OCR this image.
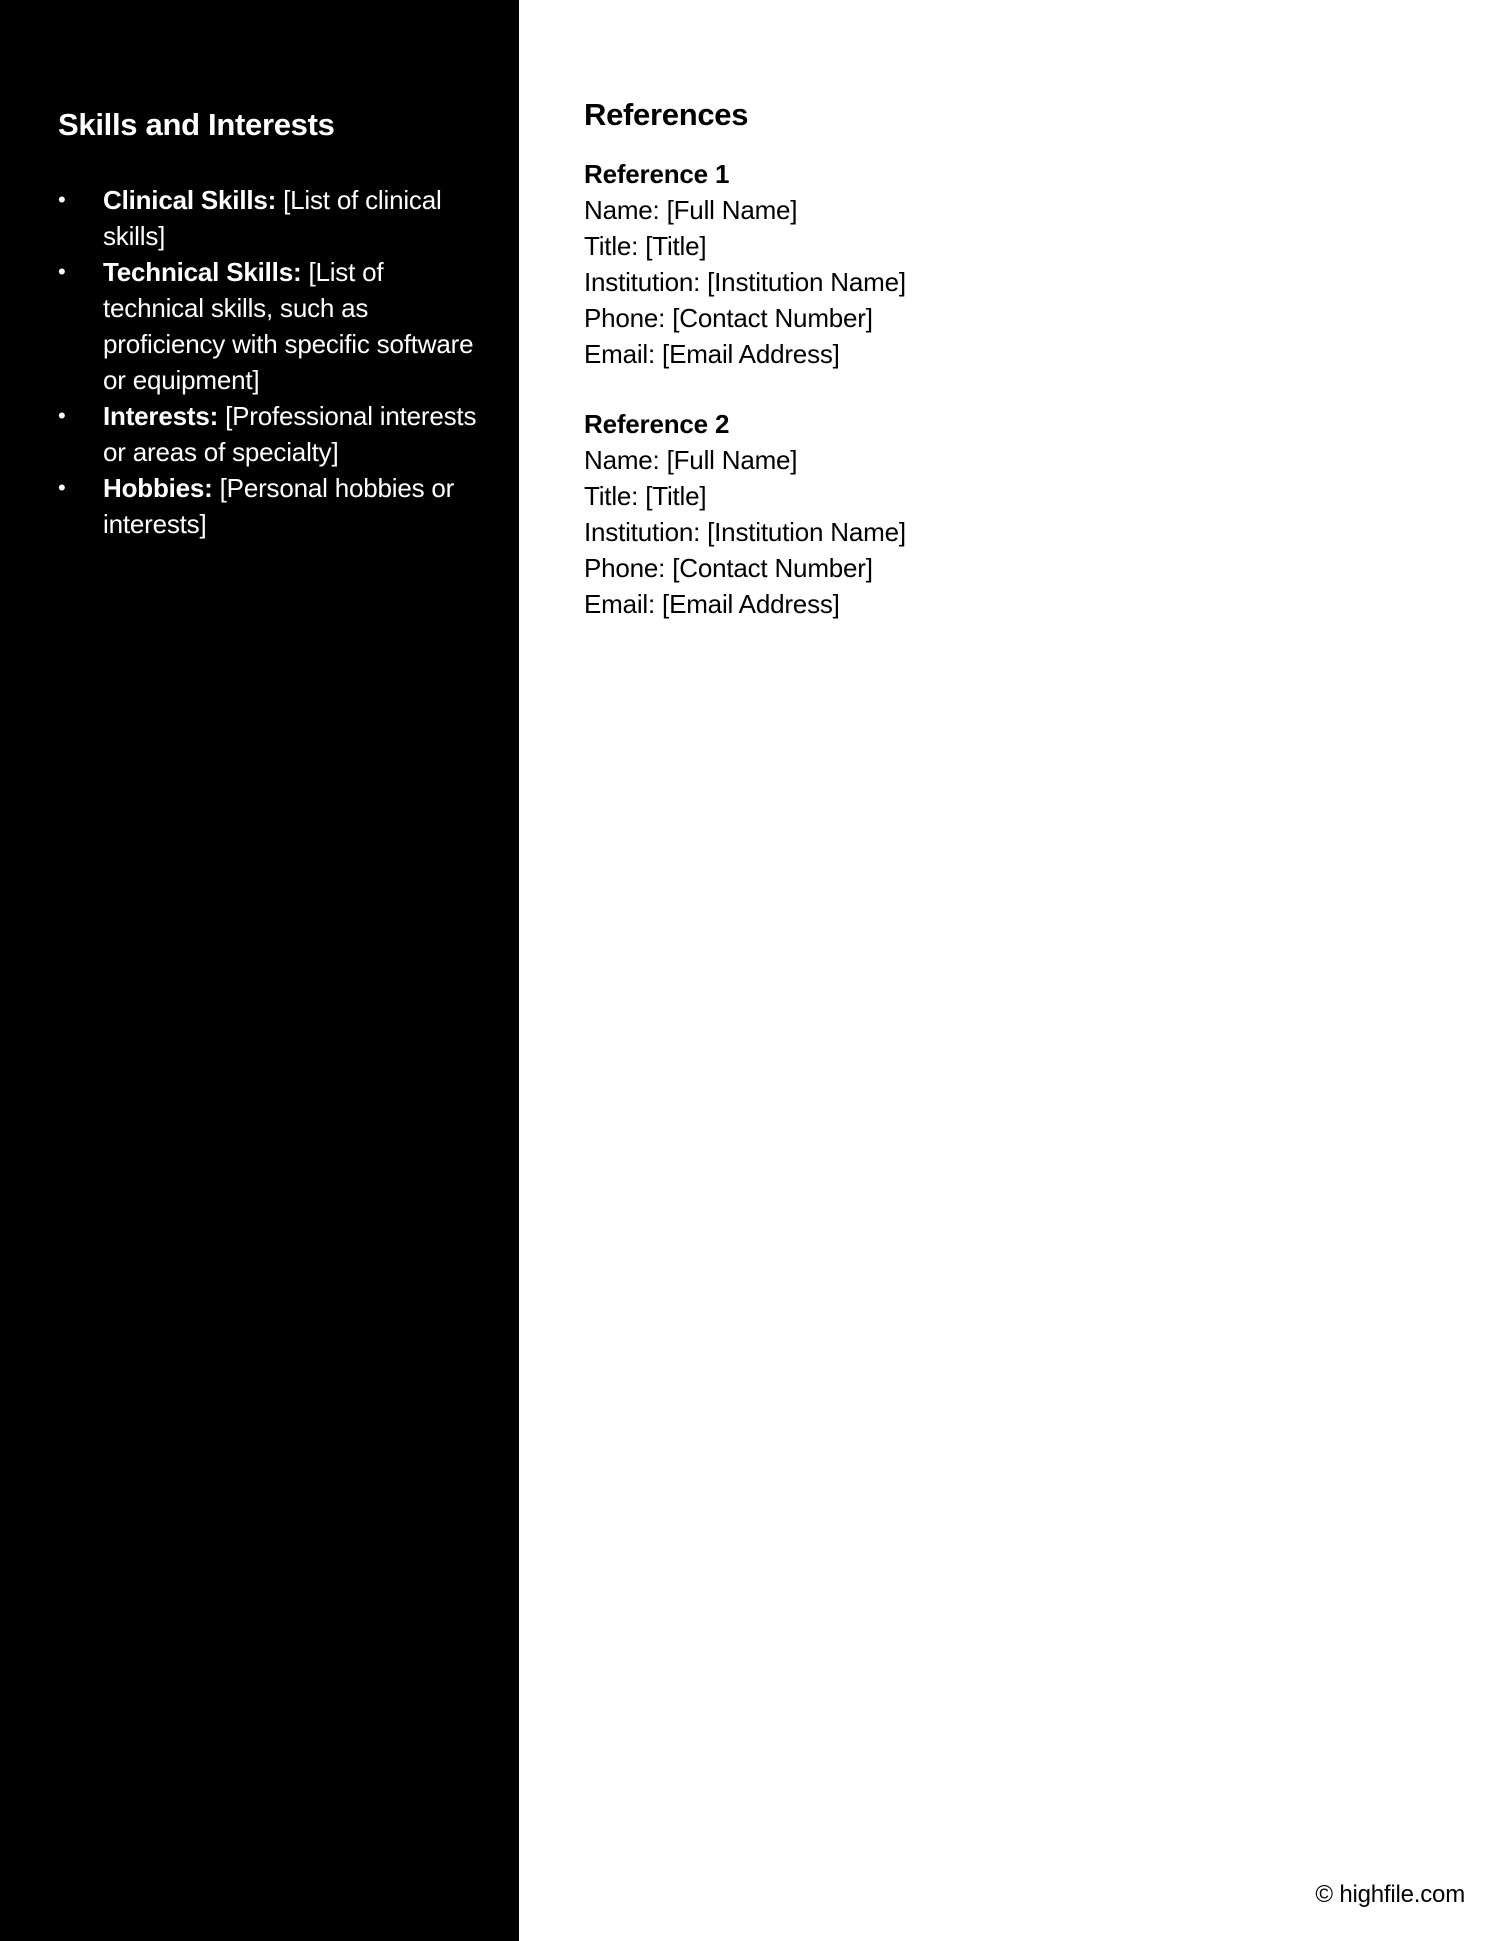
Skills and Interests
• Clinical Skills: [List of clinical skills]
• Technical Skills: [List of technical skills, such as proficiency with specific software or equipment]
• Interests: [Professional interests or areas of specialty]
• Hobbies: [Personal hobbies or interests]
References
Reference 1
Name: [Full Name]
Title: [Title]
Institution: [Institution Name]
Phone: [Contact Number]
Email: [Email Address]
Reference 2
Name: [Full Name]
Title: [Title]
Institution: [Institution Name]
Phone: [Contact Number]
Email: [Email Address]
© highfile.com
